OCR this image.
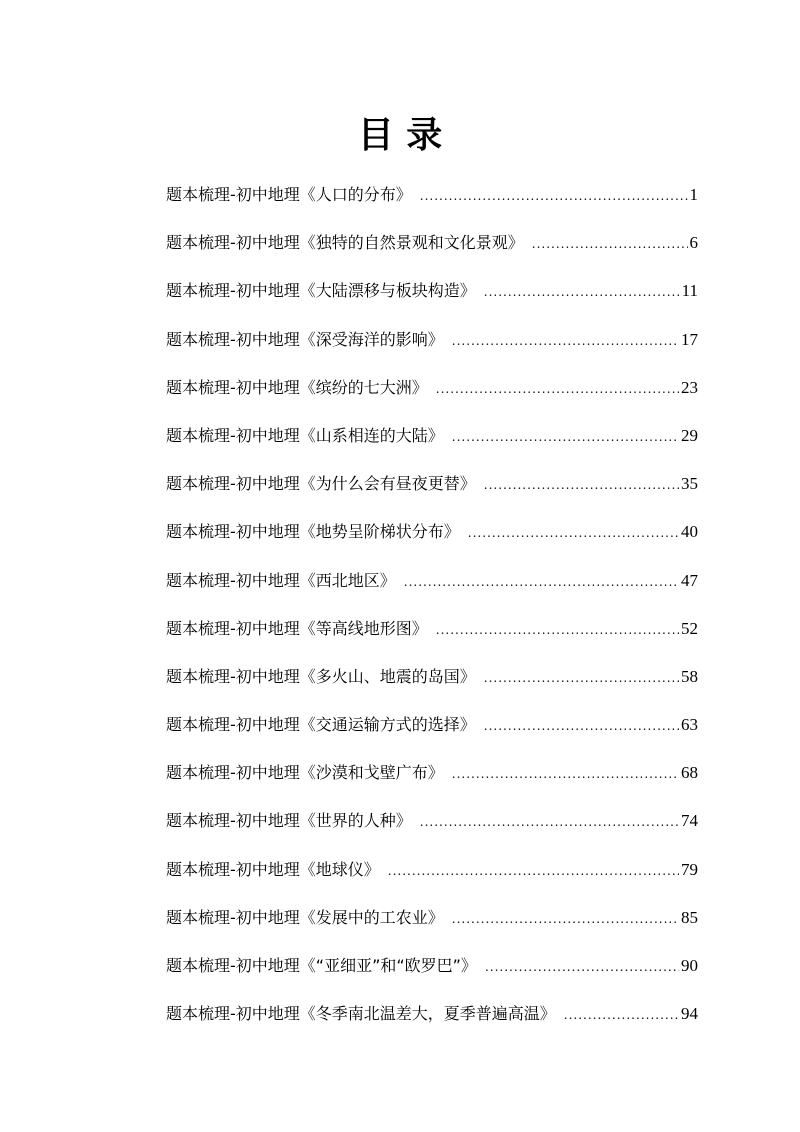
目 录
题本梳理-初中地理《人口的分布》 .....	1
题本梳理-初中地理《独特的自然景观和文化景观》 .....	6
题本梳理-初中地理《大陆漂移与板块构造》 .....	11
题本梳理-初中地理《深受海洋的影响》 .....	17
题本梳理-初中地理《缤纷的七大洲》 .....	23
题本梳理-初中地理《山系相连的大陆》 .....	29
题本梳理-初中地理《为什么会有昼夜更替》 .....	35
题本梳理-初中地理《地势呈阶梯状分布》 .....	40
题本梳理-初中地理《西北地区》 .....	47
题本梳理-初中地理《等高线地形图》 .....	52
题本梳理-初中地理《多火山、地震的岛国》 .....	58
题本梳理-初中地理《交通运输方式的选择》 .....	63
题本梳理-初中地理《沙漠和戈壁广布》 .....	68
题本梳理-初中地理《世界的人种》 .....	74
题本梳理-初中地理《地球仪》 .....	79
题本梳理-初中地理《发展中的工农业》 .....	85
题本梳理-初中地理《“亚细亚”和“欧罗巴”》 .....	90
题本梳理-初中地理《冬季南北温差大，夏季普遍高温》 .....	94
